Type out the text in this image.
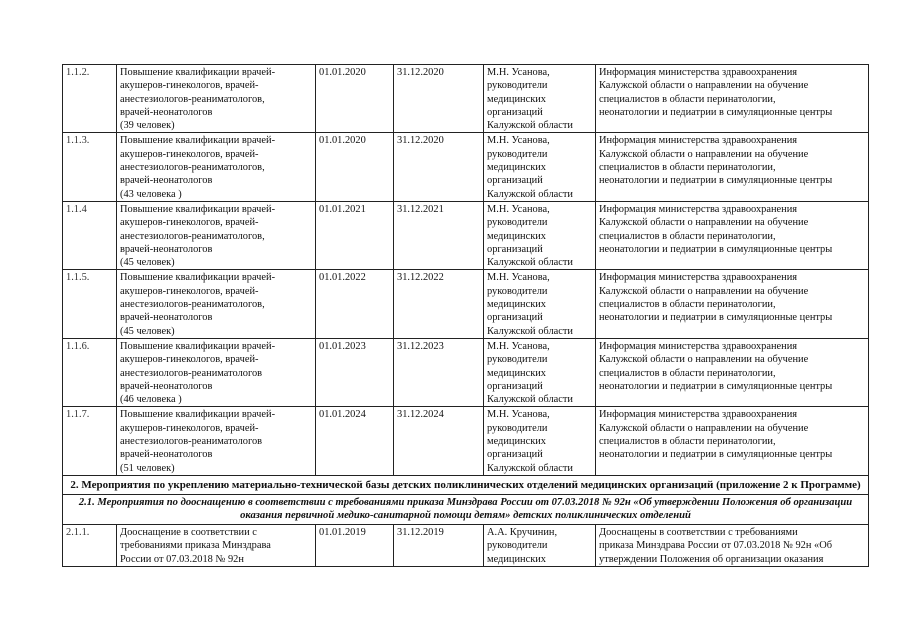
1.1.2.	Повышение квалификации врачей-
акушеров-гинекологов, врачей-
анестезиологов-реаниматологов,
врачей-неонатологов
(39 человек)	01.01.2020	31.12.2020	М.Н. Усанова,
руководители
медицинских
организаций
Калужской области	Информация министерства здравоохранения
Калужской области о направлении на обучение
специалистов в области перинатологии,
неонатологии и педиатрии в симуляционные центры

1.1.3.	Повышение квалификации врачей-
акушеров-гинекологов, врачей-
анестезиологов-реаниматологов,
врачей-неонатологов
(43 человека )	01.01.2020	31.12.2020	М.Н. Усанова,
руководители
медицинских
организаций
Калужской области	Информация министерства здравоохранения
Калужской области о направлении на обучение
специалистов в области перинатологии,
неонатологии и педиатрии в симуляционные центры

1.1.4	Повышение квалификации врачей-
акушеров-гинекологов, врачей-
анестезиологов-реаниматологов,
врачей-неонатологов
(45 человек)	01.01.2021	31.12.2021	М.Н. Усанова,
руководители
медицинских
организаций
Калужской области	Информация министерства здравоохранения
Калужской области о направлении на обучение
специалистов в области перинатологии,
неонатологии и педиатрии в симуляционные центры

1.1.5.	Повышение квалификации врачей-
акушеров-гинекологов, врачей-
анестезиологов-реаниматологов,
врачей-неонатологов
(45 человек)	01.01.2022	31.12.2022	М.Н. Усанова,
руководители
медицинских
организаций
Калужской области	Информация министерства здравоохранения
Калужской области о направлении на обучение
специалистов в области перинатологии,
неонатологии и педиатрии в симуляционные центры

1.1.6.	Повышение квалификации врачей-
акушеров-гинекологов, врачей-
анестезиологов-реаниматологов
врачей-неонатологов
(46 человека )	01.01.2023	31.12.2023	М.Н. Усанова,
руководители
медицинских
организаций
Калужской области	Информация министерства здравоохранения
Калужской области о направлении на обучение
специалистов в области перинатологии,
неонатологии и педиатрии в симуляционные центры

1.1.7.	Повышение квалификации врачей-
акушеров-гинекологов, врачей-
анестезиологов-реаниматологов
врачей-неонатологов
(51 человек)	01.01.2024	31.12.2024	М.Н. Усанова,
руководители
медицинских
организаций
Калужской области	Информация министерства здравоохранения
Калужской области о направлении на обучение
специалистов в области перинатологии,
неонатологии и педиатрии в симуляционные центры

2. Мероприятия по укреплению материально-технической базы детских поликлинических отделений медицинских организаций (приложение 2 к Программе)					
2.1. Мероприятия по дооснащению в соответствии с требованиями приказа Минздрава России от 07.03.2018 № 92н «Об утверждении Положения об организации оказания первичной медико-санитарной помощи детям» детских поликлинических отделений					
2.1.1.	Дооснащение в соответствии с
требованиями приказа Минздрава
России от 07.03.2018 № 92н	01.01.2019	31.12.2019	А.А. Кручинин,
руководители
медицинских	Дооснащены в соответствии с требованиями
приказа Минздрава России от 07.03.2018 № 92н «Об
утверждении Положения об организации оказания
